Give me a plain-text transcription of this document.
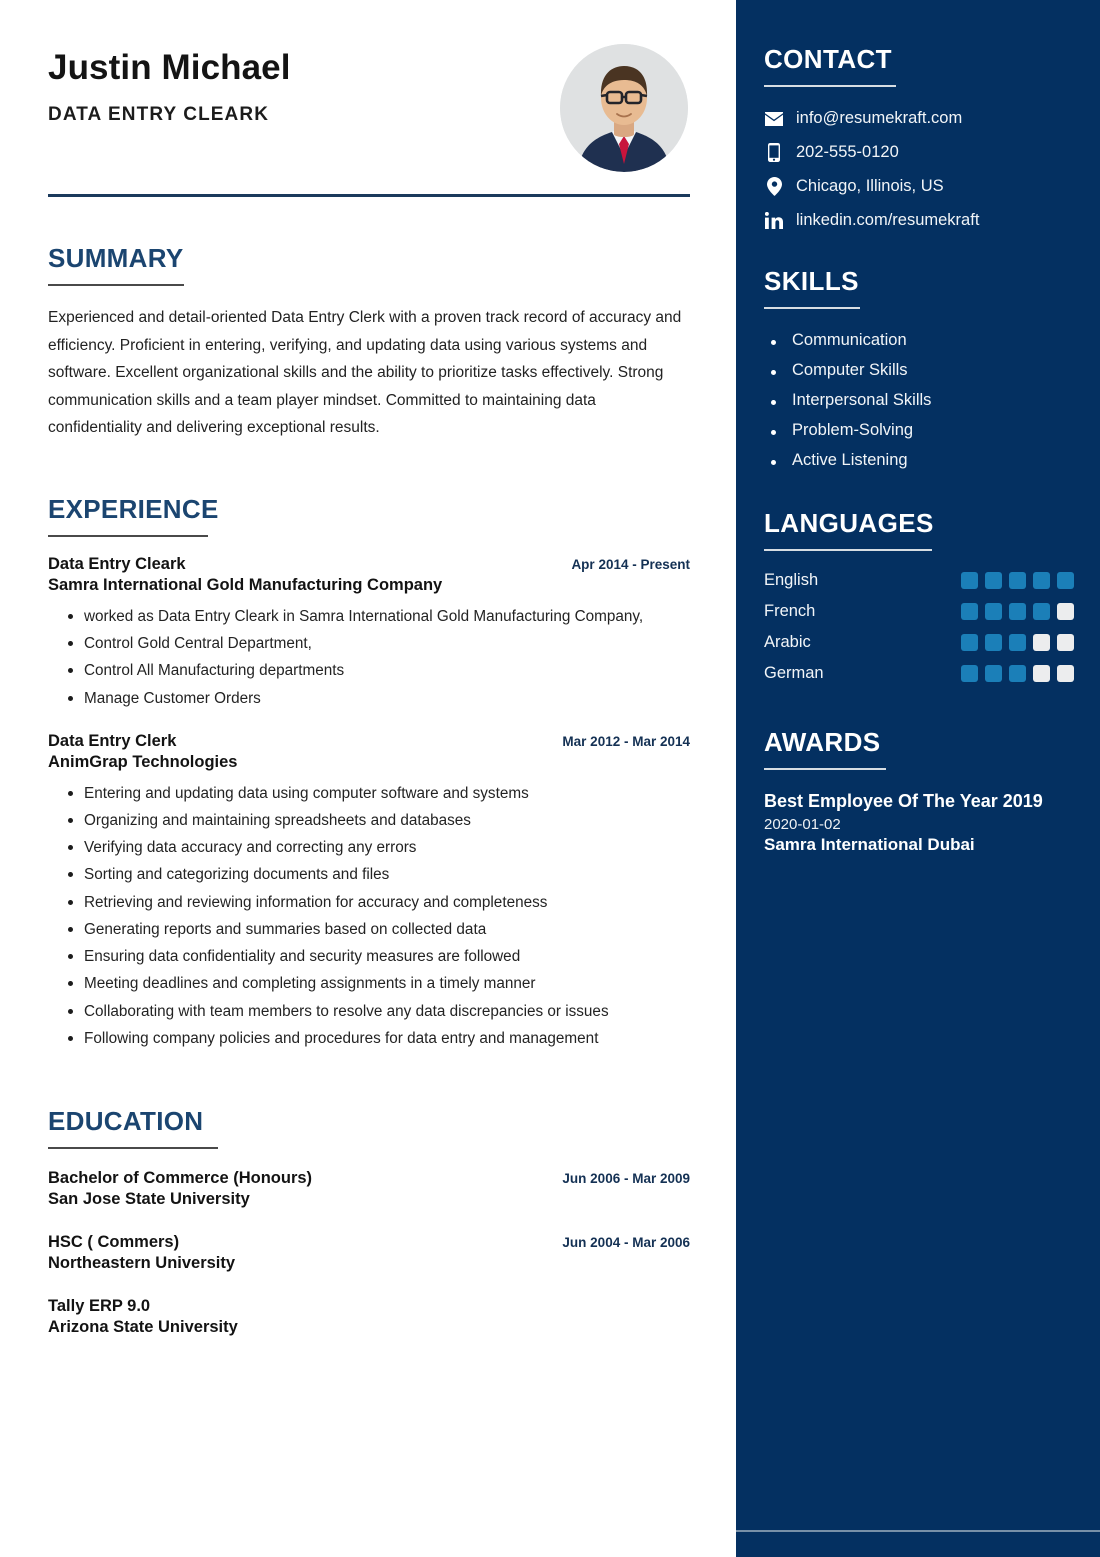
Justin Michael
DATA ENTRY CLEARK
SUMMARY

Experienced and detail-oriented Data Entry Clerk with a proven track record of accuracy and efficiency. Proficient in entering, verifying, and updating data using various systems and software. Excellent organizational skills and the ability to prioritize tasks effectively. Strong communication skills and a team player mindset. Committed to maintaining data confidentiality and delivering exceptional results.

EXPERIENCE
Data Entry Cleark	Apr 2014 - Present
Samra International Gold Manufacturing Company
worked as Data Entry Cleark in Samra International Gold Manufacturing Company,
Control Gold Central Department,
Control All Manufacturing departments
Manage Customer Orders
Data Entry Clerk	Mar 2012 - Mar 2014
AnimGrap Technologies
Entering and updating data using computer software and systems
Organizing and maintaining spreadsheets and databases
Verifying data accuracy and correcting any errors
Sorting and categorizing documents and files
Retrieving and reviewing information for accuracy and completeness
Generating reports and summaries based on collected data
Ensuring data confidentiality and security measures are followed
Meeting deadlines and completing assignments in a timely manner
Collaborating with team members to resolve any data discrepancies or issues
Following company policies and procedures for data entry and management
EDUCATION
Bachelor of Commerce (Honours)	Jun 2006 - Mar 2009
San Jose State University
HSC ( Commers)	Jun 2004 - Mar 2006
Northeastern University
Tally ERP 9.0
Arizona State University
CONTACT
info@resumekraft.com
202-555-0120
Chicago, Illinois, US
linkedin.com/resumekraft
SKILLS
Communication
Computer Skills
Interpersonal Skills
Problem-Solving
Active Listening
LANGUAGES
English
French
Arabic
German
AWARDS
Best Employee Of The Year 2019
2020-01-02
Samra International Dubai
